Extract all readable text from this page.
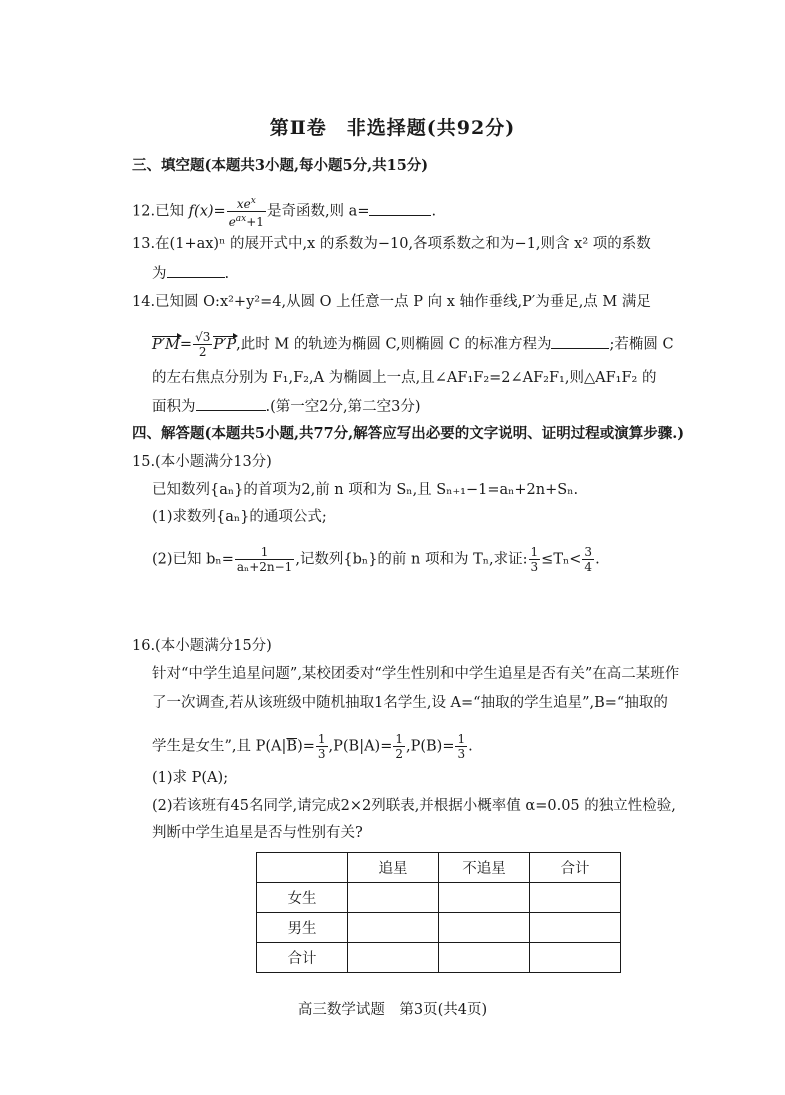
第Ⅱ卷　非选择题(共92分)
三、填空题(本题共3小题,每小题5分,共15分)
12.已知 $f(x)= \frac{xe^x}{e^{ax}+1}$ 是奇函数,则 a=	.
13.在(1+ax)ⁿ 的展开式中,x 的系数为−10,各项系数之和为−1,则含 x² 项的系数
为	.
14.已知圆 O:x²+y²=4,从圆 O 上任意一点 P 向 x 轴作垂线,P′为垂足,点 M 满足
$P'M= \frac{√3}{2} P'P$,此时 M 的轨迹为椭圆 C,则椭圆 C 的标准方程为	;若椭圆 C
的左右焦点分别为 F₁,F₂,A 为椭圆上一点,且∠AF₁F₂=2∠AF₂F₁,则△AF₁F₂ 的
面积为	.(第一空2分,第二空3分)
四、解答题(本题共5小题,共77分,解答应写出必要的文字说明、证明过程或演算步骤.)
15.(本小题满分13分)
已知数列{aₙ}的首项为2,前 n 项和为 Sₙ,且 Sₙ₊₁−1=aₙ+2n+Sₙ.
(1)求数列{aₙ}的通项公式;
(2)已知 $b_n= \frac{1}{\text{aₙ+2n−1}}$ ,记数列{bₙ}的前 n 项和为 Tₙ,求证: $\frac{1}{3} \le T_n< \frac{3}{4}$ .
16.(本小题满分15分)
针对“中学生追星问题”,某校团委对“学生性别和中学生追星是否有关”在高二某班作
了一次调查,若从该班级中随机抽取1名学生,设 A=“抽取的学生追星”,B=“抽取的
学生是女生”,且 $P(A|\overline{B})= \frac{1}{3} ,P(B|A)= \frac{1}{2} ,P(B)= \frac{1}{3}$ .
(1)求 P(A);
(2)若该班有45名同学,请完成2×2列联表,并根据小概率值 α=0.05 的独立性检验,
判断中学生追星是否与性别有关?
	追星	不追星	合计
女生			
男生			
合计			
高三数学试题　第3页(共4页)
